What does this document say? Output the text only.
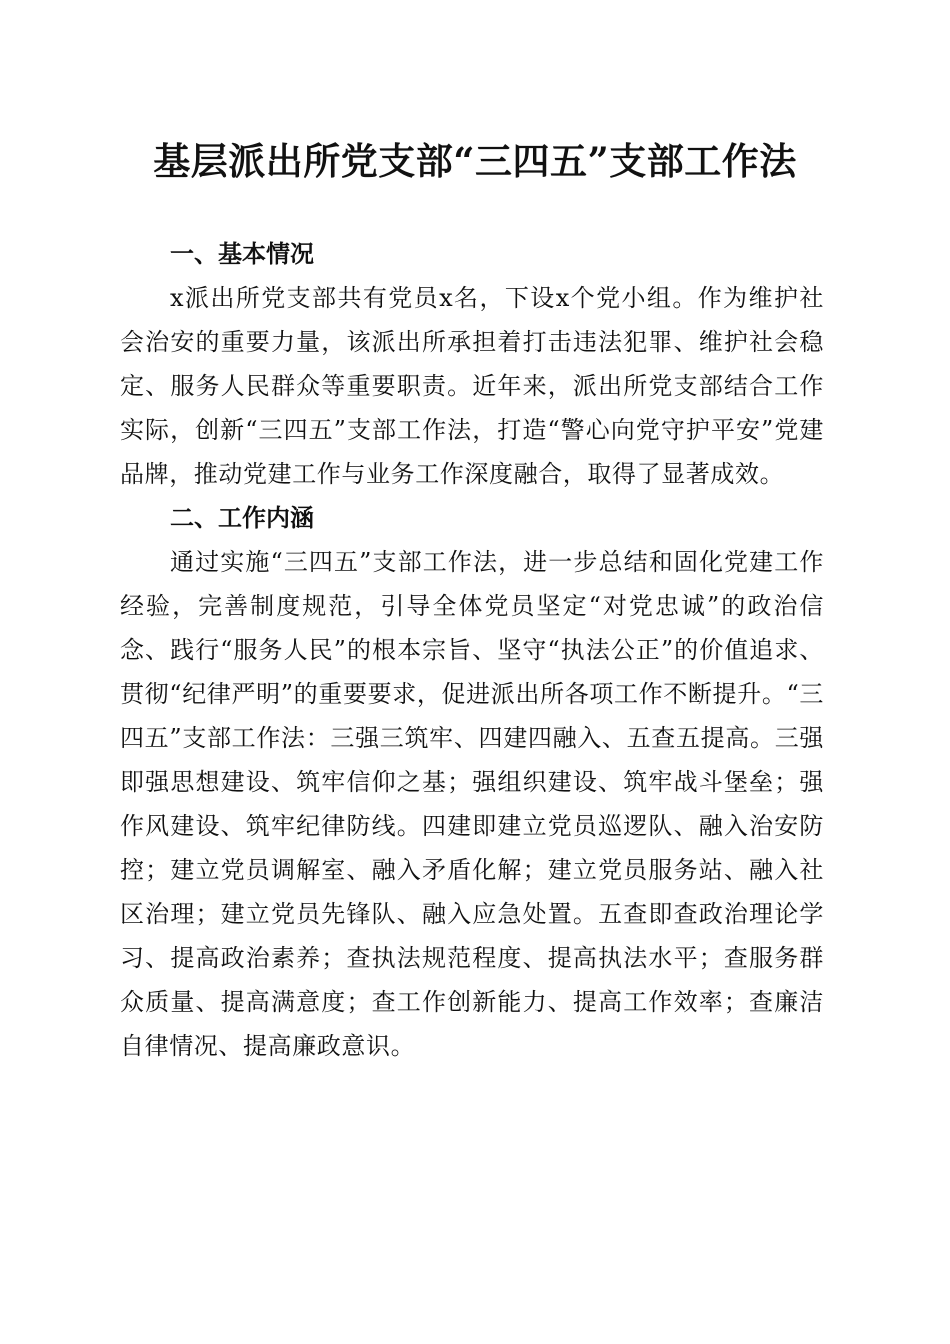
基层派出所党支部“三四五”支部工作法

一、基本情况

x派出所党支部共有党员x名，下设x个党小组。作为维护社会治安的重要力量，该派出所承担着打击违法犯罪、维护社会稳定、服务人民群众等重要职责。近年来，派出所党支部结合工作实际，创新“三四五”支部工作法，打造“警心向党守护平安”党建品牌，推动党建工作与业务工作深度融合，取得了显著成效。

二、工作内涵

通过实施“三四五”支部工作法，进一步总结和固化党建工作经验，完善制度规范，引导全体党员坚定“对党忠诚”的政治信念、践行“服务人民”的根本宗旨、坚守“执法公正”的价值追求、贯彻“纪律严明”的重要要求，促进派出所各项工作不断提升。“三四五”支部工作法：三强三筑牢、四建四融入、五查五提高。三强即强思想建设、筑牢信仰之基；强组织建设、筑牢战斗堡垒；强作风建设、筑牢纪律防线。四建即建立党员巡逻队、融入治安防控；建立党员调解室、融入矛盾化解；建立党员服务站、融入社区治理；建立党员先锋队、融入应急处置。五查即查政治理论学习、提高政治素养；查执法规范程度、提高执法水平；查服务群众质量、提高满意度；查工作创新能力、提高工作效率；查廉洁自律情况、提高廉政意识。
